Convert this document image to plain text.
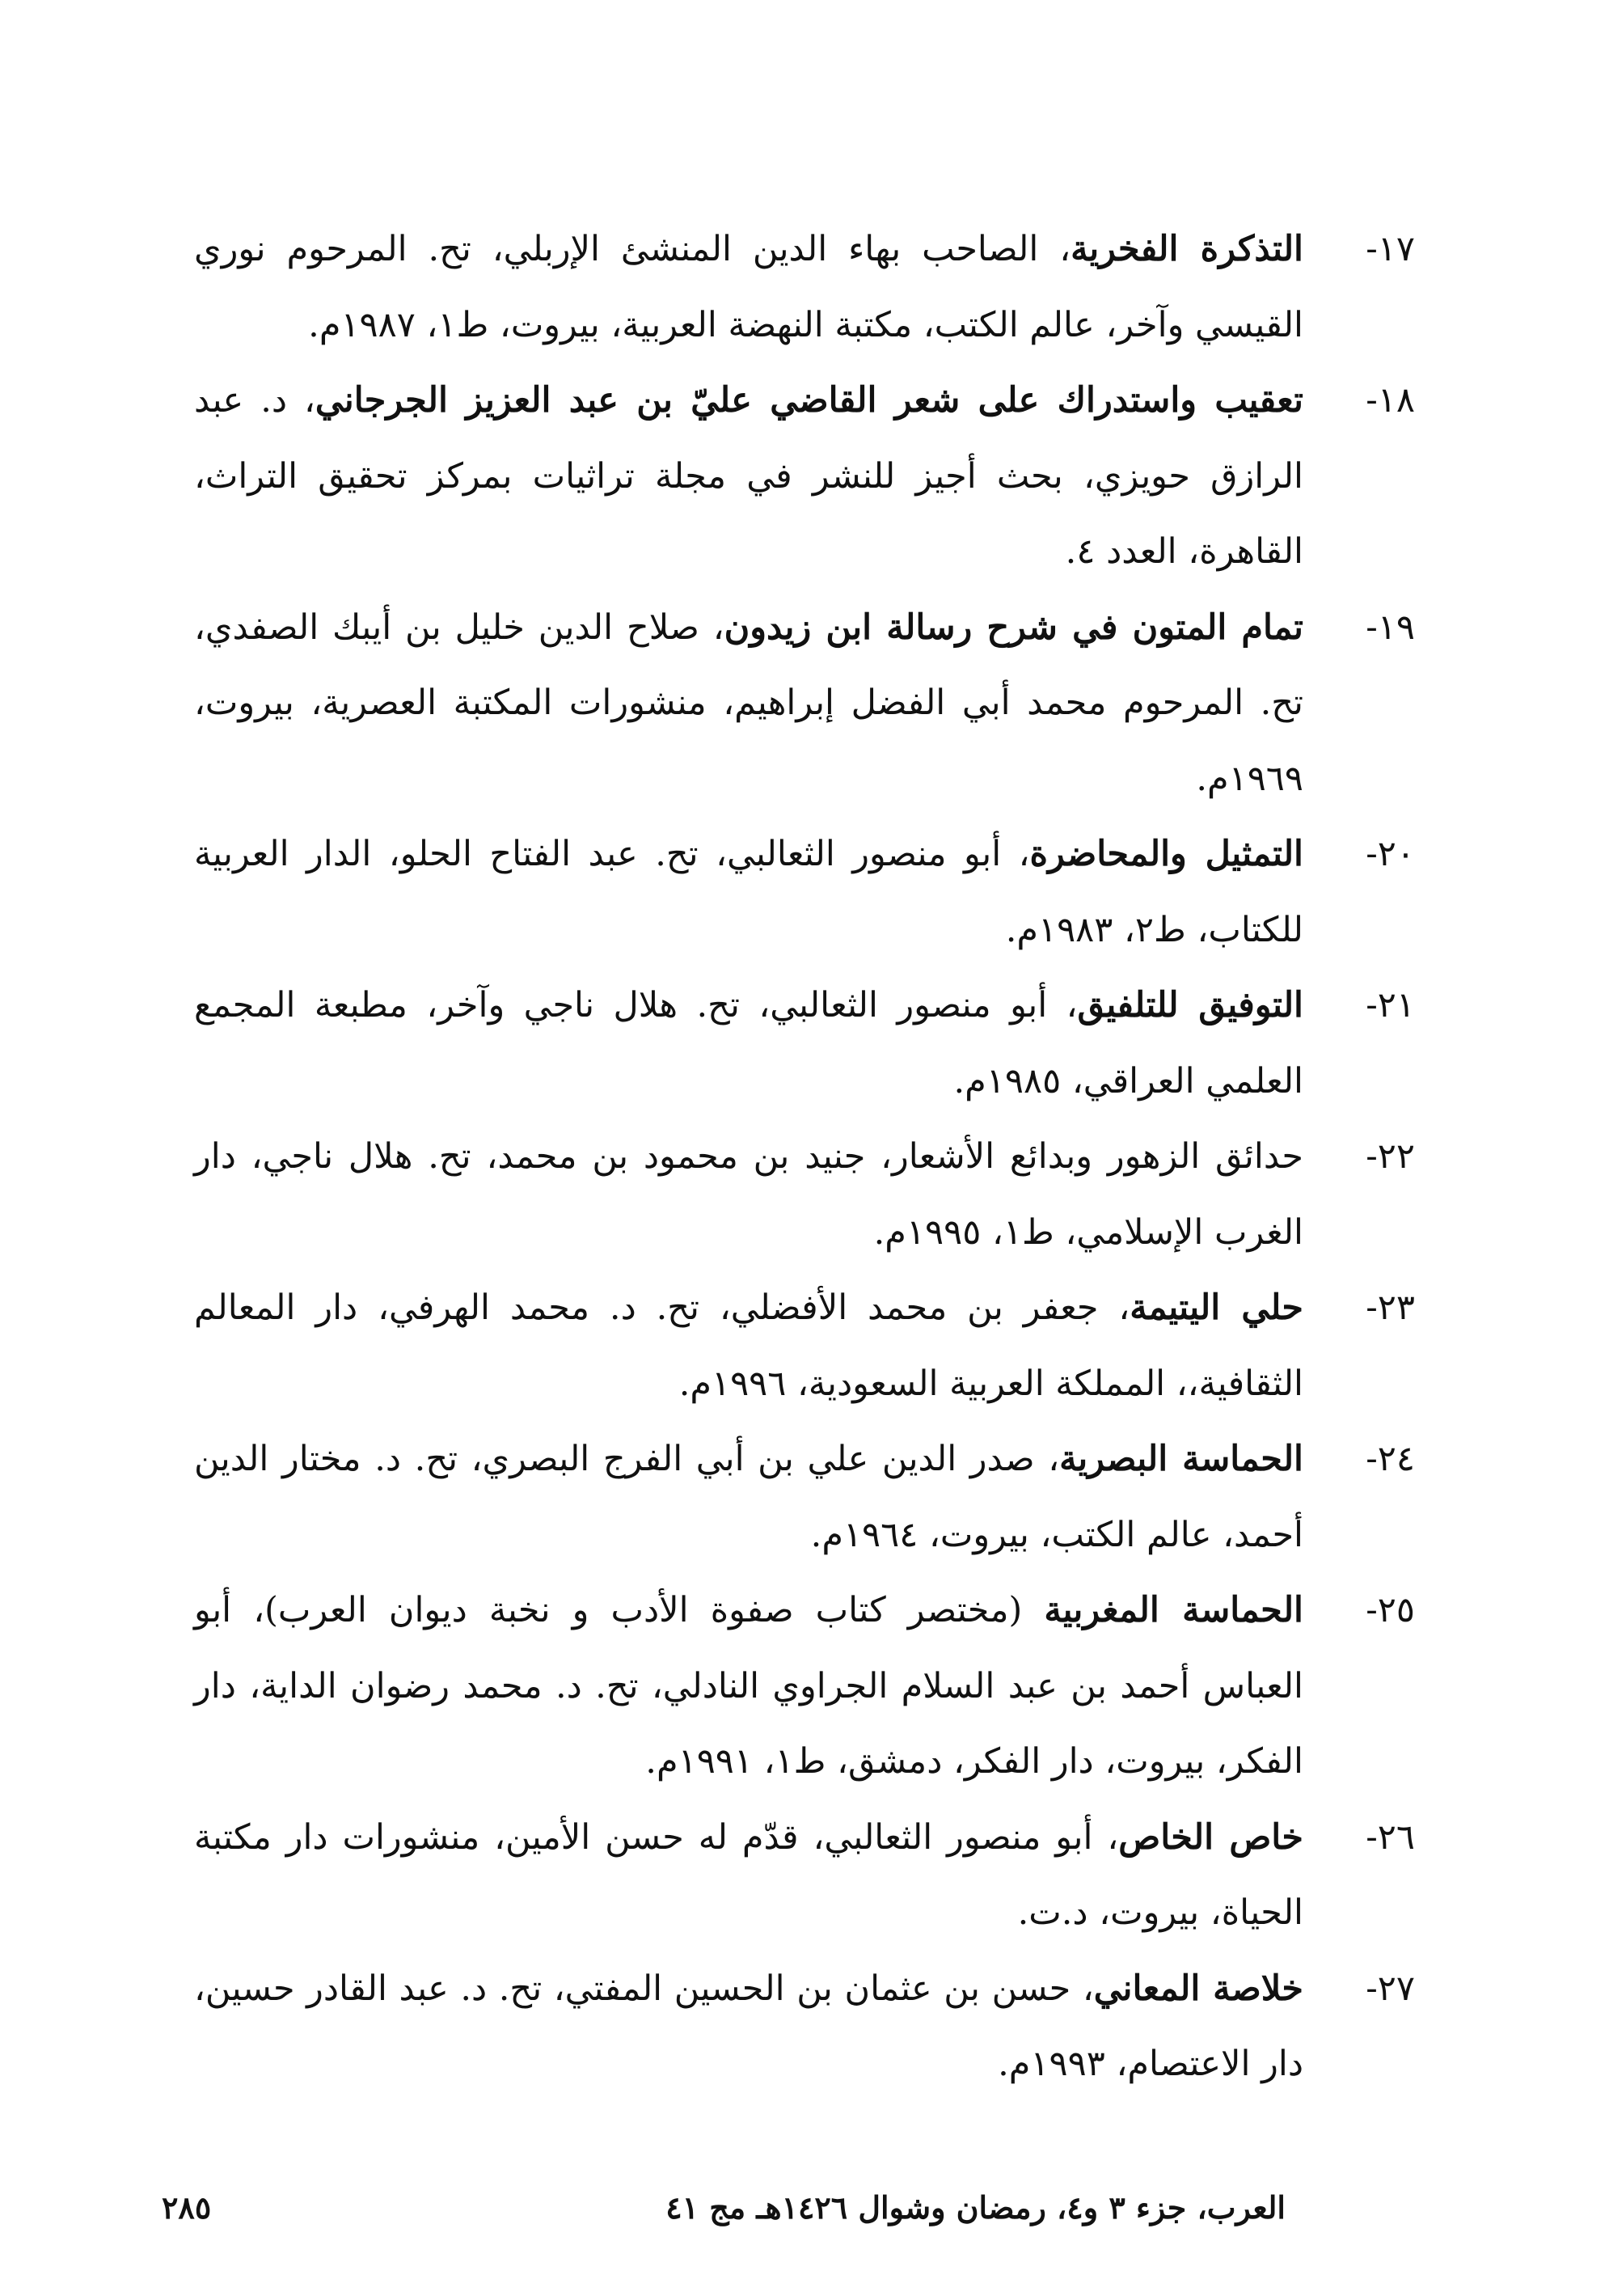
١٧-
التذكرة الفخرية، الصاحب بهاء الدين المنشئ الإربلي، تح. المرحوم نوري القيسي وآخر، عالم الكتب، مكتبة النهضة العربية، بيروت، ط١، ١٩٨٧م.
١٨-
تعقيب واستدراك على شعر القاضي عليّ بن عبد العزيز الجرجاني، د. عبد الرازق حويزي، بحث أجيز للنشر في مجلة تراثيات بمركز تحقيق التراث، القاهرة، العدد ٤.
١٩-
تمام المتون في شرح رسالة ابن زيدون، صلاح الدين خليل بن أيبك الصفدي، تح. المرحوم محمد أبي الفضل إبراهيم، منشورات المكتبة العصرية، بيروت، ١٩٦٩م.
٢٠-
التمثيل والمحاضرة، أبو منصور الثعالبي، تح. عبد الفتاح الحلو، الدار العربية للكتاب، ط٢، ١٩٨٣م.
٢١-
التوفيق للتلفيق، أبو منصور الثعالبي، تح. هلال ناجي وآخر، مطبعة المجمع العلمي العراقي، ١٩٨٥م.
٢٢-
حدائق الزهور وبدائع الأشعار، جنيد بن محمود بن محمد، تح. هلال ناجي، دار الغرب الإسلامي، ط١، ١٩٩٥م.
٢٣-
حلي اليتيمة، جعفر بن محمد الأفضلي، تح. د. محمد الهرفي، دار المعالم الثقافية،، المملكة العربية السعودية، ١٩٩٦م.
٢٤-
الحماسة البصرية، صدر الدين علي بن أبي الفرج البصري، تح. د. مختار الدين أحمد، عالم الكتب، بيروت، ١٩٦٤م.
٢٥-
الحماسة المغربية (مختصر كتاب صفوة الأدب و نخبة ديوان العرب)، أبو العباس أحمد بن عبد السلام الجراوي النادلي، تح. د. محمد رضوان الداية، دار الفكر، بيروت، دار الفكر، دمشق، ط١، ١٩٩١م.
٢٦-
خاص الخاص، أبو منصور الثعالبي، قدّم له حسن الأمين، منشورات دار مكتبة الحياة، بيروت، د.ت.
٢٧-
خلاصة المعاني، حسن بن عثمان بن الحسين المفتي، تح. د. عبد القادر حسين، دار الاعتصام، ١٩٩٣م.
العرب، جزء ٣ و٤، رمضان وشوال ١٤٢٦هـ مج ٤١
٢٨٥
